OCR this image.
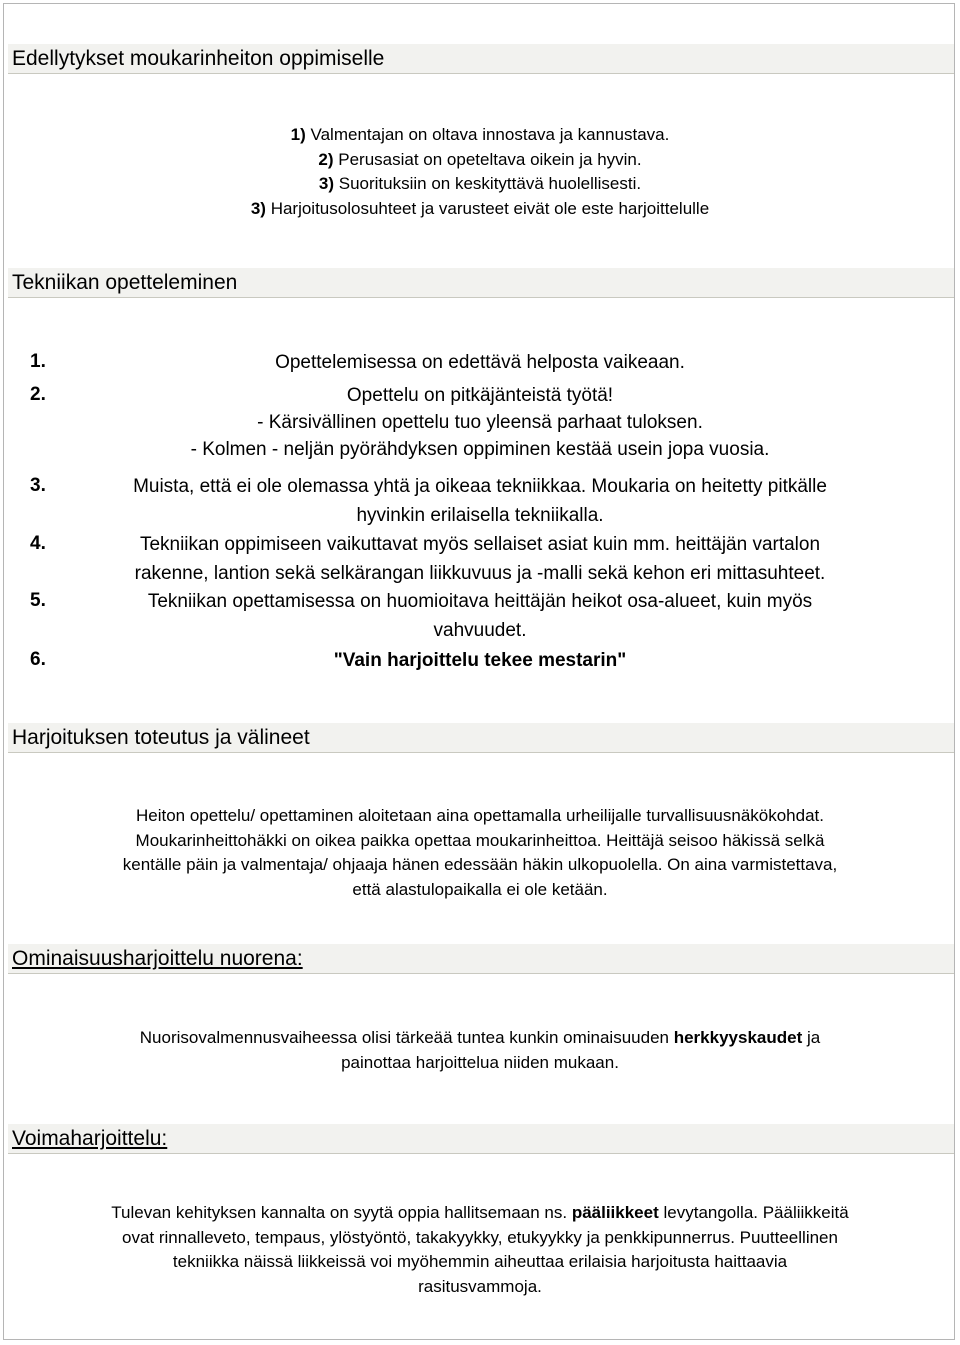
Edellytykset moukarinheiton oppimiselle
1) Valmentajan on oltava innostava ja kannustava.
2) Perusasiat on opeteltava oikein ja hyvin.
3) Suorituksiin on keskityttävä huolellisesti.
3) Harjoitusolosuhteet ja varusteet eivät ole este harjoittelulle
Tekniikan opetteleminen
1.	Opettelemisessa on edettävä helposta vaikeaan.
2.	Opettelu on pitkäjänteistä työtä!
- Kärsivällinen opettelu tuo yleensä parhaat tuloksen.
- Kolmen - neljän pyörähdyksen oppiminen kestää usein jopa vuosia.
3.	Muista, että ei ole olemassa yhtä ja oikeaa tekniikkaa. Moukaria on heitetty pitkälle
hyvinkin erilaisella tekniikalla.
4.	Tekniikan oppimiseen vaikuttavat myös sellaiset asiat kuin mm. heittäjän vartalon
rakenne, lantion sekä selkärangan liikkuvuus ja -malli sekä kehon eri mittasuhteet.
5.	Tekniikan opettamisessa on huomioitava heittäjän heikot osa-alueet, kuin myös
vahvuudet.
6.	"Vain harjoittelu tekee mestarin"
Harjoituksen toteutus ja välineet
Heiton opettelu/ opettaminen aloitetaan aina opettamalla urheilijalle turvallisuusnäkökohdat.
Moukarinheittohäkki on oikea paikka opettaa moukarinheittoa. Heittäjä seisoo häkissä selkä
kentälle päin ja valmentaja/ ohjaaja hänen edessään häkin ulkopuolella. On aina varmistettava,
että alastulopaikalla ei ole ketään.
Ominaisuusharjoittelu nuorena:
Nuorisovalmennusvaiheessa olisi tärkeää tuntea kunkin ominaisuuden herkkyyskaudet ja
painottaa harjoittelua niiden mukaan.
Voimaharjoittelu:
Tulevan kehityksen kannalta on syytä oppia hallitsemaan ns. pääliikkeet levytangolla. Pääliikkeitä
ovat rinnalleveto, tempaus, ylöstyöntö, takakyykky, etukyykky ja penkkipunnerrus. Puutteellinen
tekniikka näissä liikkeissä voi myöhemmin aiheuttaa erilaisia harjoitusta haittaavia
rasitusvammoja.
